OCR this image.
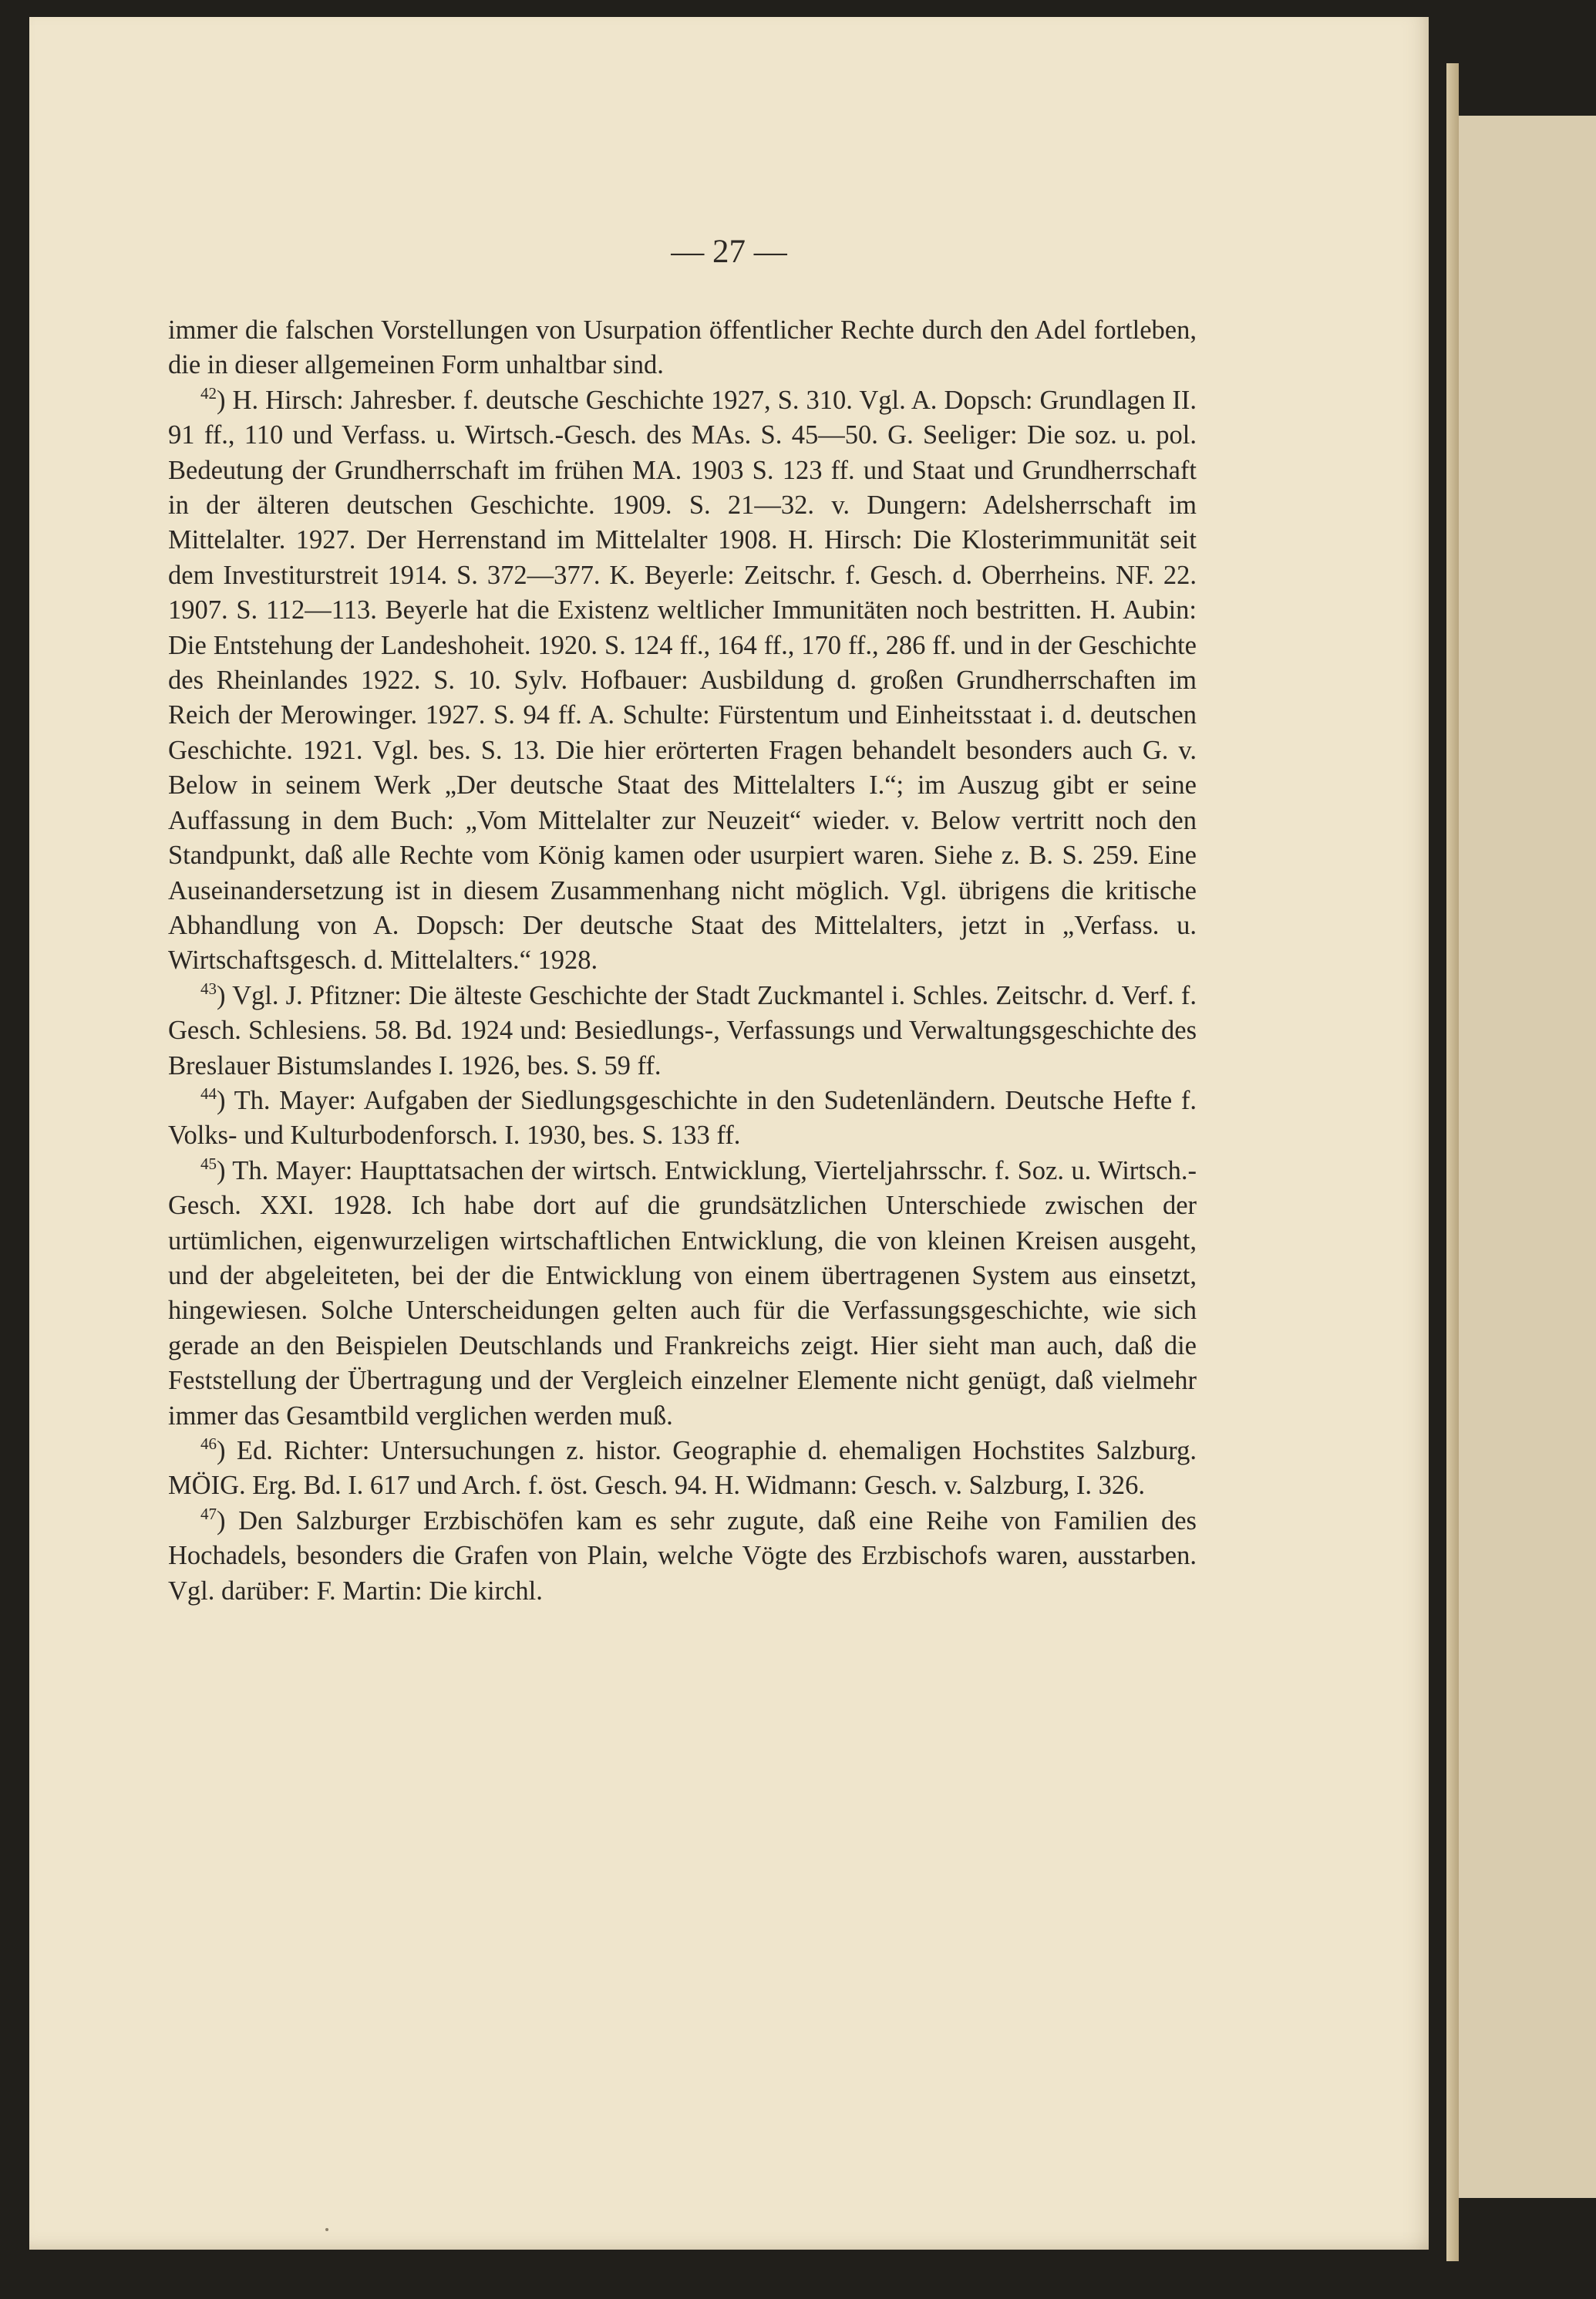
— 27 —

immer die falschen Vorstellungen von Usurpation öffentlicher Rechte durch den Adel fortleben, die in dieser allgemeinen Form unhaltbar sind.

$^{42}$) H. Hirsch: Jahresber. f. deutsche Geschichte 1927, S. 310. Vgl. A. Dopsch: Grundlagen II. 91 ff., 110 und Verfass. u. Wirtsch.-Gesch. des MAs. S. 45—50. G. Seeliger: Die soz. u. pol. Bedeutung der Grundherrschaft im frühen MA. 1903 S. 123 ff. und Staat und Grundherrschaft in der älteren deutschen Geschichte. 1909. S. 21—32. v. Dungern: Adelsherrschaft im Mittelalter. 1927. Der Herrenstand im Mittelalter 1908. H. Hirsch: Die Klosterimmunität seit dem Investiturstreit 1914. S. 372—377. K. Beyerle: Zeitschr. f. Gesch. d. Oberrheins. NF. 22. 1907. S. 112—113. Beyerle hat die Existenz weltlicher Immunitäten noch bestritten. H. Aubin: Die Entstehung der Landeshoheit. 1920. S. 124 ff., 164 ff., 170 ff., 286 ff. und in der Geschichte des Rheinlandes 1922. S. 10. Sylv. Hofbauer: Ausbildung d. großen Grundherrschaften im Reich der Merowinger. 1927. S. 94 ff. A. Schulte: Fürstentum und Einheitsstaat i. d. deutschen Geschichte. 1921. Vgl. bes. S. 13. Die hier erörterten Fragen behandelt besonders auch G. v. Below in seinem Werk „Der deutsche Staat des Mittelalters I.“; im Auszug gibt er seine Auffassung in dem Buch: „Vom Mittelalter zur Neuzeit“ wieder. v. Below vertritt noch den Standpunkt, daß alle Rechte vom König kamen oder usurpiert waren. Siehe z. B. S. 259. Eine Auseinandersetzung ist in diesem Zusammenhang nicht möglich. Vgl. übrigens die kritische Abhandlung von A. Dopsch: Der deutsche Staat des Mittelalters, jetzt in „Verfass. u. Wirtschaftsgesch. d. Mittelalters.“ 1928.

$^{43}$) Vgl. J. Pfitzner: Die älteste Geschichte der Stadt Zuckmantel i. Schles. Zeitschr. d. Verf. f. Gesch. Schlesiens. 58. Bd. 1924 und: Besiedlungs-, Verfassungs und Verwaltungsgeschichte des Breslauer Bistumslandes I. 1926, bes. S. 59 ff.

$^{44}$) Th. Mayer: Aufgaben der Siedlungsgeschichte in den Sudetenländern. Deutsche Hefte f. Volks- und Kulturbodenforsch. I. 1930, bes. S. 133 ff.

$^{45}$) Th. Mayer: Haupttatsachen der wirtsch. Entwicklung, Vierteljahrsschr. f. Soz. u. Wirtsch.-Gesch. XXI. 1928. Ich habe dort auf die grundsätzlichen Unterschiede zwischen der urtümlichen, eigenwurzeligen wirtschaftlichen Entwicklung, die von kleinen Kreisen ausgeht, und der abgeleiteten, bei der die Entwicklung von einem übertragenen System aus einsetzt, hingewiesen. Solche Unterscheidungen gelten auch für die Verfassungsgeschichte, wie sich gerade an den Beispielen Deutschlands und Frankreichs zeigt. Hier sieht man auch, daß die Feststellung der Übertragung und der Vergleich einzelner Elemente nicht genügt, daß vielmehr immer das Gesamtbild verglichen werden muß.

$^{46}$) Ed. Richter: Untersuchungen z. histor. Geographie d. ehemaligen Hochstites Salzburg. MÖIG. Erg. Bd. I. 617 und Arch. f. öst. Gesch. 94. H. Widmann: Gesch. v. Salzburg, I. 326.

$^{47}$) Den Salzburger Erzbischöfen kam es sehr zugute, daß eine Reihe von Familien des Hochadels, besonders die Grafen von Plain, welche Vögte des Erzbischofs waren, ausstarben. Vgl. darüber: F. Martin: Die kirchl.
